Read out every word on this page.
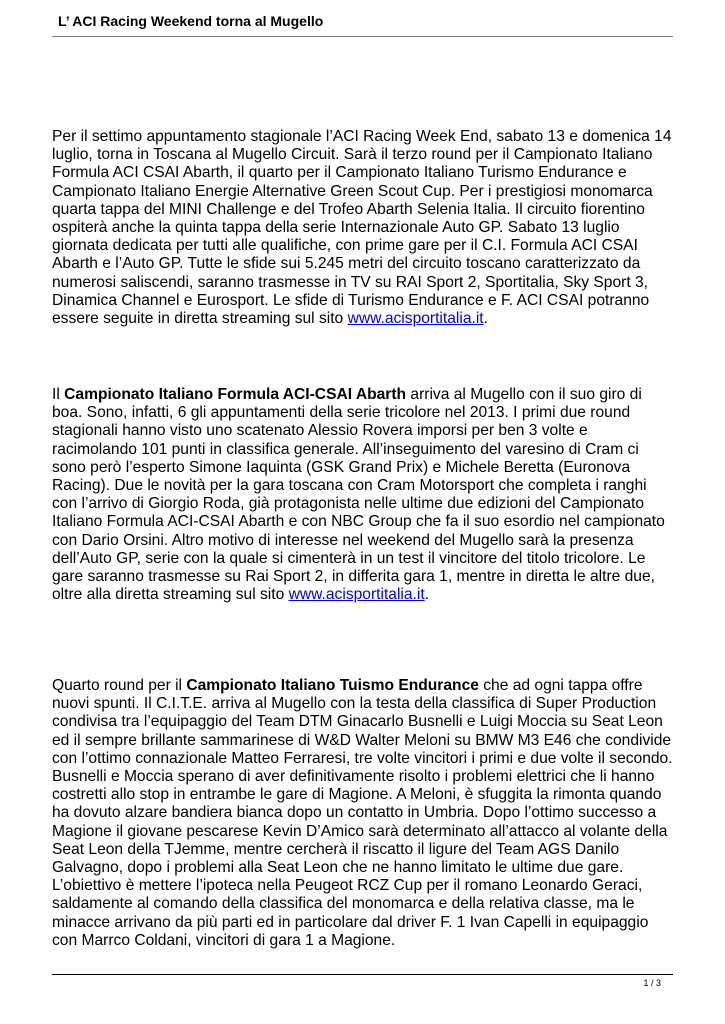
L’ ACI Racing Weekend torna al Mugello
Per il settimo appuntamento stagionale l’ACI Racing Week End, sabato 13 e domenica 14 luglio, torna in Toscana al Mugello Circuit. Sarà il terzo round per il Campionato Italiano Formula ACI CSAI Abarth, il quarto per il Campionato Italiano Turismo Endurance e Campionato Italiano Energie Alternative Green Scout Cup. Per i prestigiosi monomarca quarta tappa del MINI Challenge e del Trofeo Abarth Selenia Italia. Il circuito fiorentino ospiterà anche la quinta tappa della serie Internazionale Auto GP. Sabato 13 luglio giornata dedicata per tutti alle qualifiche, con prime gare per il C.I. Formula ACI CSAI Abarth e l’Auto GP. Tutte le sfide sui 5.245 metri del circuito toscano caratterizzato da numerosi saliscendi, saranno trasmesse in TV su RAI Sport 2, Sportitalia, Sky Sport 3, Dinamica Channel e Eurosport. Le sfide di Turismo Endurance e F. ACI CSAI potranno essere seguite in diretta streaming sul sito www.acisportitalia.it.
Il Campionato Italiano Formula ACI-CSAI Abarth arriva al Mugello con il suo giro di boa. Sono, infatti, 6 gli appuntamenti della serie tricolore nel 2013. I primi due round stagionali hanno visto uno scatenato Alessio Rovera imporsi per ben 3 volte e racimolando 101 punti in classifica generale. All’inseguimento del varesino di Cram ci sono però l’esperto Simone Iaquinta (GSK Grand Prix) e Michele Beretta (Euronova Racing). Due le novità per la gara toscana con Cram Motorsport che completa i ranghi con l’arrivo di Giorgio Roda, già protagonista nelle ultime due edizioni del Campionato Italiano Formula ACI-CSAI Abarth e con NBC Group che fa il suo esordio nel campionato con Dario Orsini. Altro motivo di interesse nel weekend del Mugello sarà la presenza dell’Auto GP, serie con la quale si cimenterà in un test il vincitore del titolo tricolore. Le gare saranno trasmesse su Rai Sport 2, in differita gara 1, mentre in diretta le altre due, oltre alla diretta streaming sul sito www.acisportitalia.it.
Quarto round per il Campionato Italiano Tuismo Endurance che ad ogni tappa offre nuovi spunti. Il C.I.T.E. arriva al Mugello con la testa della classifica di Super Production condivisa tra l’equipaggio del Team DTM Ginacarlo Busnelli e Luigi Moccia su Seat Leon ed il sempre brillante sammarinese di W&D Walter Meloni su BMW M3 E46 che condivide con l’ottimo connazionale Matteo Ferraresi, tre volte vincitori i primi e due volte il secondo. Busnelli e Moccia sperano di aver definitivamente risolto i problemi elettrici che li hanno costretti allo stop in entrambe le gare di Magione. A Meloni, è sfuggita la rimonta quando ha dovuto alzare bandiera bianca dopo un contatto in Umbria. Dopo l’ottimo successo a Magione il giovane pescarese Kevin D’Amico sarà determinato all’attacco al volante della Seat Leon della TJemme, mentre cercherà il riscatto il ligure del Team AGS Danilo Galvagno, dopo i problemi alla Seat Leon che ne hanno limitato le ultime due gare. L’obiettivo è mettere l’ipoteca nella Peugeot RCZ Cup per il romano Leonardo Geraci, saldamente al comando della classifica del monomarca e della relativa classe, ma le minacce arrivano da più parti ed in particolare dal driver F. 1 Ivan Capelli in equipaggio con Marrco Coldani, vincitori di gara 1 a Magione.
1 / 3
